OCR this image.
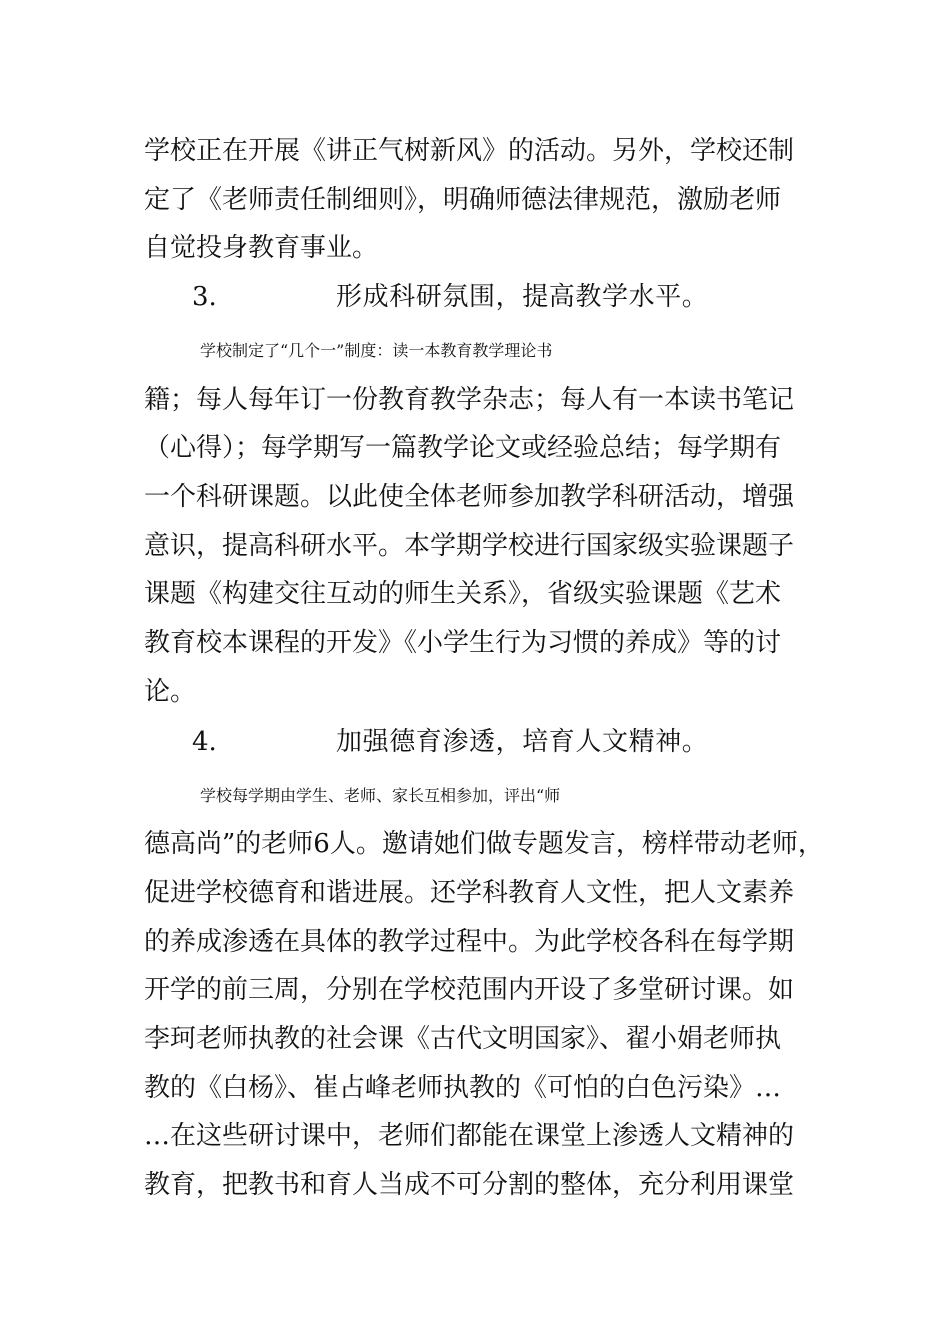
学校正在开展《讲正气树新风》的活动。另外，学校还制
定了《老师责任制细则》，明确师德法律规范，激励老师
自觉投身教育事业。
3.	形成科研氛围，提高教学水平。
学校制定了“几个一”制度：读一本教育教学理论书
籍；每人每年订一份教育教学杂志；每人有一本读书笔记
（心得）；每学期写一篇教学论文或经验总结；每学期有
一个科研课题。以此使全体老师参加教学科研活动，增强
意识，提高科研水平。本学期学校进行国家级实验课题子
课题《构建交往互动的师生关系》，省级实验课题《艺术
教育校本课程的开发》《小学生行为习惯的养成》等的讨
论。
4.	加强德育渗透，培育人文精神。
学校每学期由学生、老师、家长互相参加，评出“师
德高尚”的老师6人。邀请她们做专题发言，榜样带动老师，
促进学校德育和谐进展。还学科教育人文性，把人文素养
的养成渗透在具体的教学过程中。为此学校各科在每学期
开学的前三周，分别在学校范围内开设了多堂研讨课。如
李珂老师执教的社会课《古代文明国家》、翟小娟老师执
教的《白杨》、崔占峰老师执教的《可怕的白色污染》…
…在这些研讨课中，老师们都能在课堂上渗透人文精神的
教育，把教书和育人当成不可分割的整体，充分利用课堂
